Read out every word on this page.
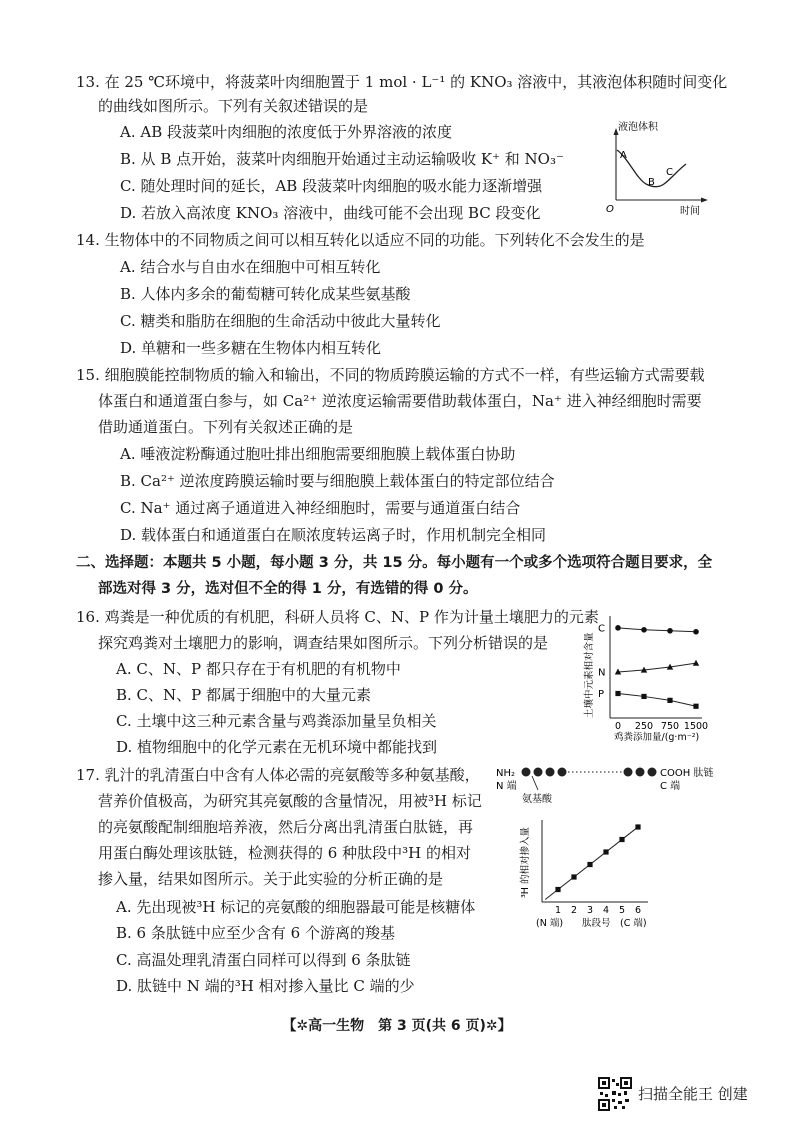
13. 在 25 ℃环境中，将菠菜叶肉细胞置于 1 mol · L⁻¹ 的 KNO₃ 溶液中，其液泡体积随时间变化
的曲线如图所示。下列有关叙述错误的是
A. AB 段菠菜叶肉细胞的浓度低于外界溶液的浓度
B. 从 B 点开始，菠菜叶肉细胞开始通过主动运输吸收 K⁺ 和 NO₃⁻
C. 随处理时间的延长，AB 段菠菜叶肉细胞的吸水能力逐渐增强
D. 若放入高浓度 KNO₃ 溶液中，曲线可能不会出现 BC 段变化
液泡体积
时间
O
A
B
C
14. 生物体中的不同物质之间可以相互转化以适应不同的功能。下列转化不会发生的是
A. 结合水与自由水在细胞中可相互转化
B. 人体内多余的葡萄糖可转化成某些氨基酸
C. 糖类和脂肪在细胞的生命活动中彼此大量转化
D. 单糖和一些多糖在生物体内相互转化
15. 细胞膜能控制物质的输入和输出，不同的物质跨膜运输的方式不一样，有些运输方式需要载
体蛋白和通道蛋白参与，如 Ca²⁺ 逆浓度运输需要借助载体蛋白，Na⁺ 进入神经细胞时需要
借助通道蛋白。下列有关叙述正确的是
A. 唾液淀粉酶通过胞吐排出细胞需要细胞膜上载体蛋白协助
B. Ca²⁺ 逆浓度跨膜运输时要与细胞膜上载体蛋白的特定部位结合
C. Na⁺ 通过离子通道进入神经细胞时，需要与通道蛋白结合
D. 载体蛋白和通道蛋白在顺浓度转运离子时，作用机制完全相同
二、选择题：本题共 5 小题，每小题 3 分，共 15 分。每小题有一个或多个选项符合题目要求，全
部选对得 3 分，选对但不全的得 1 分，有选错的得 0 分。
16. 鸡粪是一种优质的有机肥，科研人员将 C、N、P 作为计量土壤肥力的元素
探究鸡粪对土壤肥力的影响，调查结果如图所示。下列分析错误的是
A. C、N、P 都只存在于有机肥的有机物中
B. C、N、P 都属于细胞中的大量元素
C. 土壤中这三种元素含量与鸡粪添加量呈负相关
D. 植物细胞中的化学元素在无机环境中都能找到
土壤中元素相对含量
鸡粪添加量/(g·m⁻²)
0 250 750 1500
C
N
P
17. 乳汁的乳清蛋白中含有人体必需的亮氨酸等多种氨基酸，
营养价值极高，为研究其亮氨酸的含量情况，用被³H 标记
的亮氨酸配制细胞培养液，然后分离出乳清蛋白肽链，再
用蛋白酶处理该肽链，检测获得的 6 种肽段中³H 的相对
掺入量，结果如图所示。关于此实验的分析正确的是
A. 先出现被³H 标记的亮氨酸的细胞器最可能是核糖体
B. 6 条肽链中应至少含有 6 个游离的羧基
C. 高温处理乳清蛋白同样可以得到 6 条肽链
D. 肽链中 N 端的³H 相对掺入量比 C 端的少
NH₂
N 端
COOH 肽链
C 端
氨基酸
³H 的相对掺入量
(N 端) 肽段号 (C 端)
1 2 3 4 5 6
【✲高一生物　第 3 页(共 6 页)✲】
扫描全能王 创建
